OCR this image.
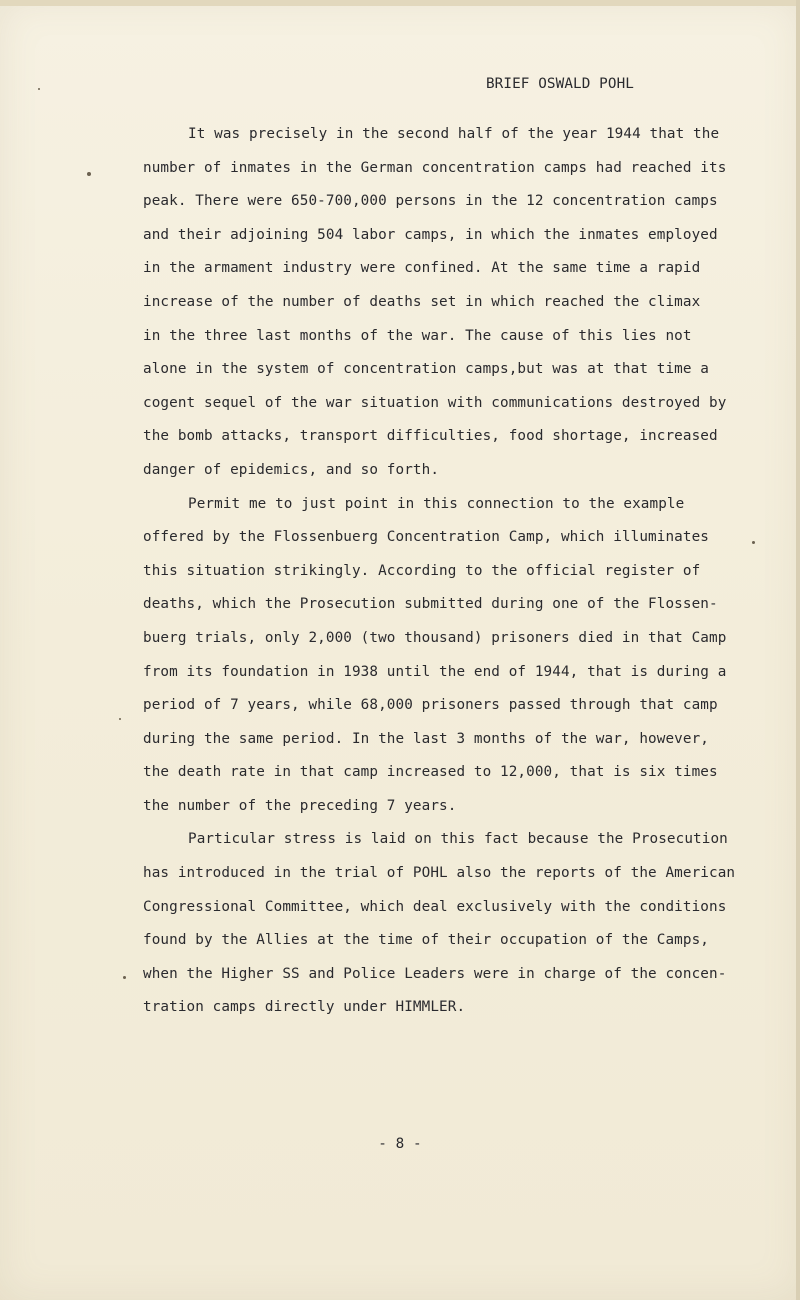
BRIEF OSWALD POHL
It was precisely in the second half of the year 1944 that the
number of inmates in the German concentration camps had reached its
peak. There were 650-700,000 persons in the 12 concentration camps
and their adjoining 504 labor camps, in which the inmates employed
in the armament industry were confined. At the same time a rapid
increase of the number of deaths set in which reached the climax
in the three last months of the war. The cause of this lies not
alone in the system of concentration camps,but was at that time a
cogent sequel of the war situation with communications destroyed by
the bomb attacks, transport difficulties, food shortage, increased
danger of epidemics, and so forth.
Permit me to just point in this connection to the example
offered by the Flossenbuerg Concentration Camp, which illuminates
this situation strikingly. According to the official register of
deaths, which the Prosecution submitted during one of the Flossen-
buerg trials, only 2,000 (two thousand) prisoners died in that Camp
from its foundation in 1938 until the end of 1944, that is during a
period of 7 years, while 68,000 prisoners passed through that camp
during the same period. In the last 3 months of the war, however,
the death rate in that camp increased to 12,000, that is six times
the number of the preceding 7 years.
Particular stress is laid on this fact because the Prosecution
has introduced in the trial of POHL also the reports of the American
Congressional Committee, which deal exclusively with the conditions
found by the Allies at the time of their occupation of the Camps,
when the Higher SS and Police Leaders were in charge of the concen-
tration camps directly under HIMMLER.
- 8 -
